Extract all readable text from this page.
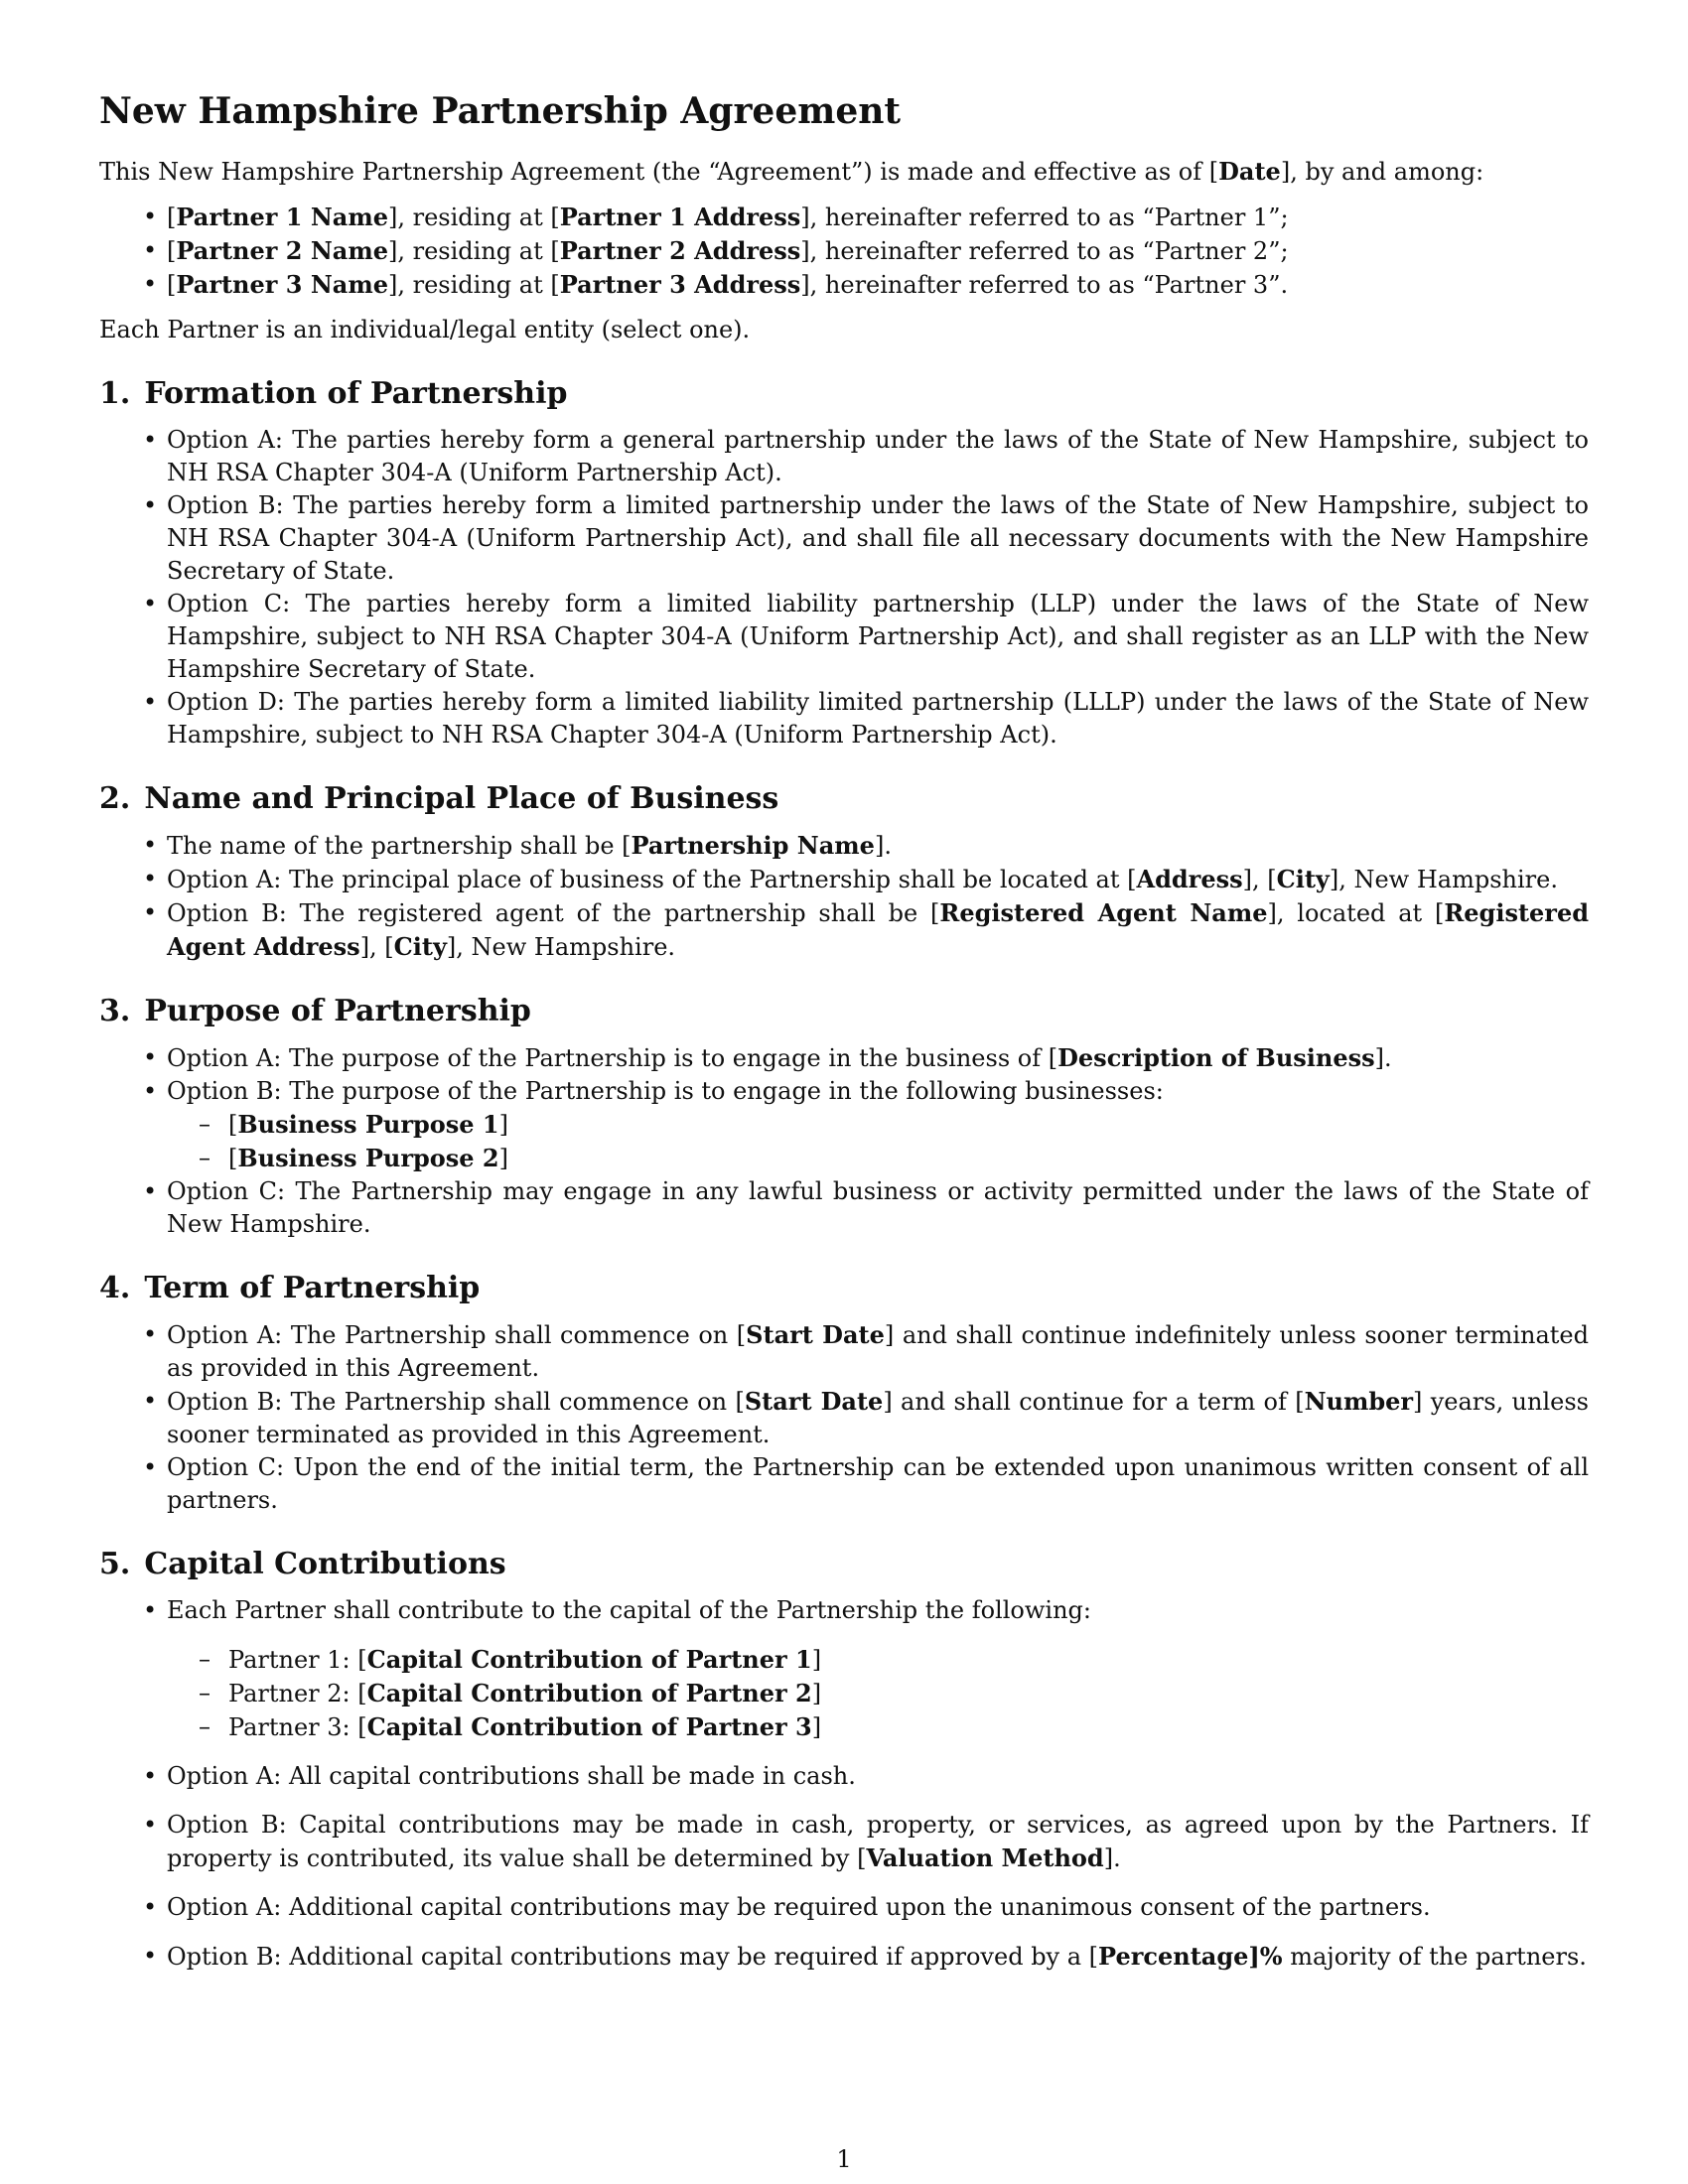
New Hampshire Partnership Agreement

This New Hampshire Partnership Agreement (the “Agreement”) is made and effective as of [Date], by and among:

• [Partner 1 Name], residing at [Partner 1 Address], hereinafter referred to as “Partner 1”;
• [Partner 2 Name], residing at [Partner 2 Address], hereinafter referred to as “Partner 2”;
• [Partner 3 Name], residing at [Partner 3 Address], hereinafter referred to as “Partner 3”.

Each Partner is an individual/legal entity (select one).

1. Formation of Partnership
• Option A: The parties hereby form a general partnership under the laws of the State of New Hampshire, subject to NH RSA Chapter 304-A (Uniform Partnership Act).
• Option B: The parties hereby form a limited partnership under the laws of the State of New Hampshire, subject to NH RSA Chapter 304-A (Uniform Partnership Act), and shall file all necessary documents with the New Hampshire Secretary of State.
• Option C: The parties hereby form a limited liability partnership (LLP) under the laws of the State of New Hampshire, subject to NH RSA Chapter 304-A (Uniform Partnership Act), and shall register as an LLP with the New Hampshire Secretary of State.
• Option D: The parties hereby form a limited liability limited partnership (LLLP) under the laws of the State of New Hampshire, subject to NH RSA Chapter 304-A (Uniform Partnership Act).
2. Name and Principal Place of Business
• The name of the partnership shall be [Partnership Name].
• Option A: The principal place of business of the Partnership shall be located at [Address], [City], New Hampshire.
• Option B: The registered agent of the partnership shall be [Registered Agent Name], located at [Registered Agent Address], [City], New Hampshire.
3. Purpose of Partnership
• Option A: The purpose of the Partnership is to engage in the business of [Description of Business].
• Option B: The purpose of the Partnership is to engage in the following businesses:
– [Business Purpose 1]
– [Business Purpose 2]
• Option C: The Partnership may engage in any lawful business or activity permitted under the laws of the State of New Hampshire.
4. Term of Partnership
• Option A: The Partnership shall commence on [Start Date] and shall continue indefinitely unless sooner terminated as provided in this Agreement.
• Option B: The Partnership shall commence on [Start Date] and shall continue for a term of [Number] years, unless sooner terminated as provided in this Agreement.
• Option C: Upon the end of the initial term, the Partnership can be extended upon unanimous written consent of all partners.
5. Capital Contributions
• Each Partner shall contribute to the capital of the Partnership the following:
– Partner 1: [Capital Contribution of Partner 1]
– Partner 2: [Capital Contribution of Partner 2]
– Partner 3: [Capital Contribution of Partner 3]
• Option A: All capital contributions shall be made in cash.
• Option B: Capital contributions may be made in cash, property, or services, as agreed upon by the Partners. If property is contributed, its value shall be determined by [Valuation Method].
• Option A: Additional capital contributions may be required upon the unanimous consent of the partners.
• Option B: Additional capital contributions may be required if approved by a [Percentage]% majority of the partners.
1
